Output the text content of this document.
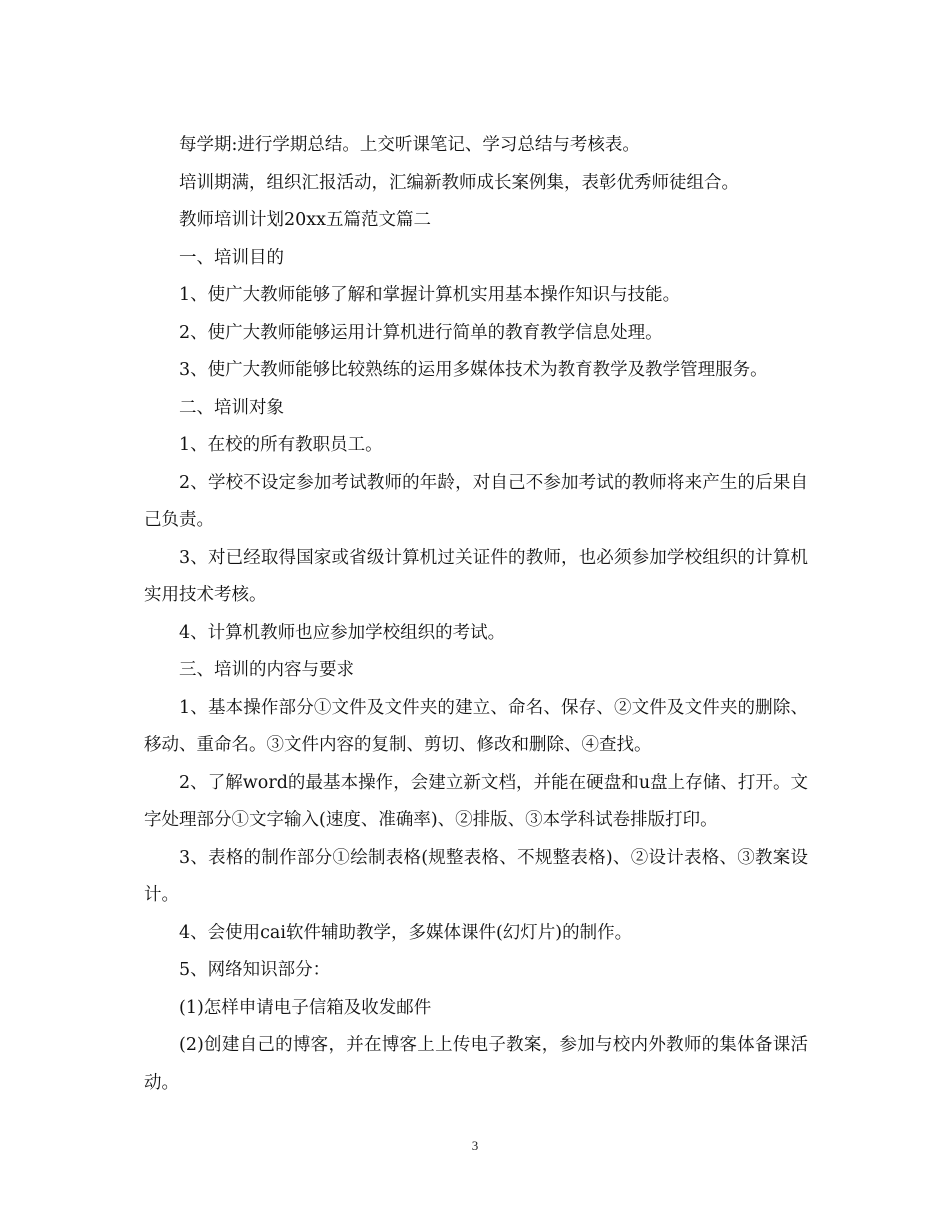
每学期:进行学期总结。上交听课笔记、学习总结与考核表。

培训期满，组织汇报活动，汇编新教师成长案例集，表彰优秀师徒组合。

教师培训计划20xx五篇范文篇二

一、培训目的

1、使广大教师能够了解和掌握计算机实用基本操作知识与技能。

2、使广大教师能够运用计算机进行简单的教育教学信息处理。

3、使广大教师能够比较熟练的运用多媒体技术为教育教学及教学管理服务。

二、培训对象

1、在校的所有教职员工。

2、学校不设定参加考试教师的年龄，对自己不参加考试的教师将来产生的后果自己负责。

3、对已经取得国家或省级计算机过关证件的教师，也必须参加学校组织的计算机实用技术考核。

4、计算机教师也应参加学校组织的考试。

三、培训的内容与要求

1、基本操作部分①文件及文件夹的建立、命名、保存、②文件及文件夹的删除、移动、重命名。③文件内容的复制、剪切、修改和删除、④查找。

2、了解word的最基本操作，会建立新文档，并能在硬盘和u盘上存储、打开。文字处理部分①文字输入(速度、准确率)、②排版、③本学科试卷排版打印。

3、表格的制作部分①绘制表格(规整表格、不规整表格)、②设计表格、③教案设计。

4、会使用cai软件辅助教学，多媒体课件(幻灯片)的制作。

5、网络知识部分：

(1)怎样申请电子信箱及收发邮件

(2)创建自己的博客，并在博客上上传电子教案，参加与校内外教师的集体备课活动。

3
